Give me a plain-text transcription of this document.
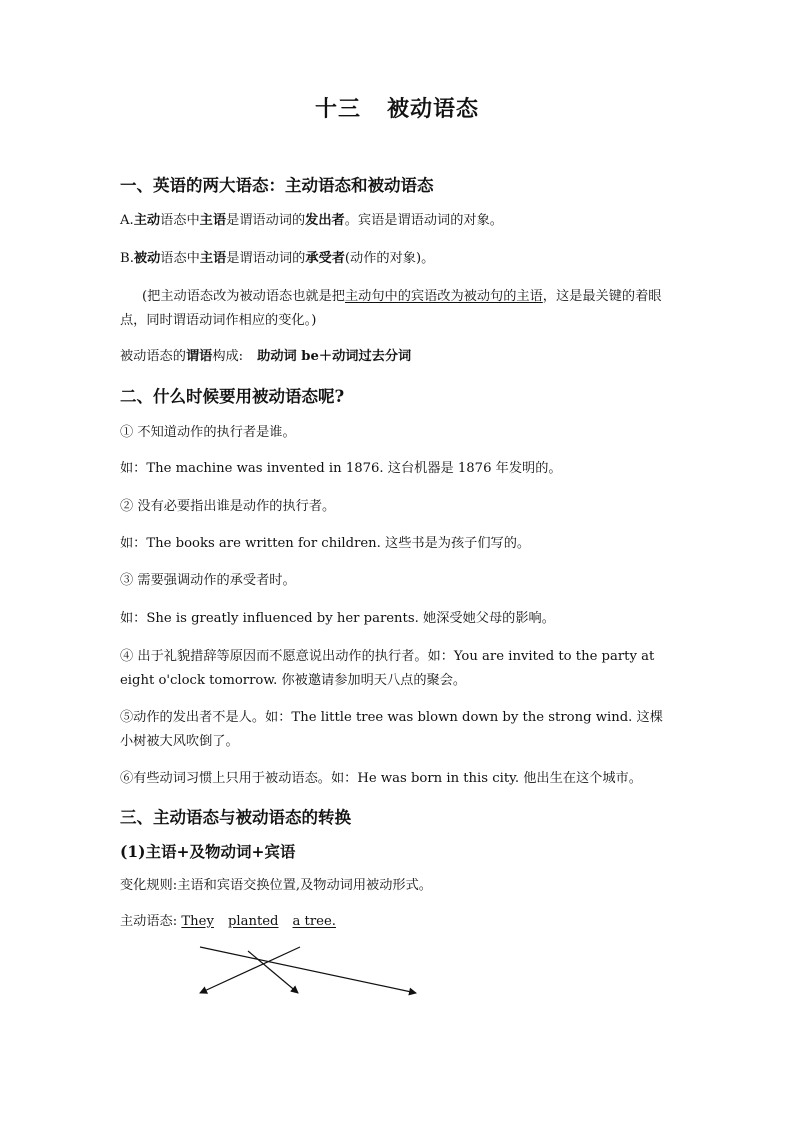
十三 被动语态
一、英语的两大语态：主动语态和被动语态
A.主动语态中主语是谓语动词的发出者。宾语是谓语动词的对象。
B.被动语态中主语是谓语动词的承受者(动作的对象)。
(把主动语态改为被动语态也就是把主动句中的宾语改为被动句的主语，这是最关键的着眼点，同时谓语动词作相应的变化。)
被动语态的谓语构成: 助动词 be＋动词过去分词
二、什么时候要用被动语态呢?
① 不知道动作的执行者是谁。
如：The machine was invented in 1876. 这台机器是 1876 年发明的。
② 没有必要指出谁是动作的执行者。
如：The books are written for children. 这些书是为孩子们写的。
③ 需要强调动作的承受者时。
如：She is greatly influenced by her parents. 她深受她父母的影响。
④ 出于礼貌措辞等原因而不愿意说出动作的执行者。如：You are invited to the party at eight o'clock tomorrow. 你被邀请参加明天八点的聚会。
⑤动作的发出者不是人。如：The little tree was blown down by the strong wind. 这棵小树被大风吹倒了。
⑥有些动词习惯上只用于被动语态。如：He was born in this city. 他出生在这个城市。
三、主动语态与被动语态的转换
(1)主语+及物动词+宾语
变化规则:主语和宾语交换位置,及物动词用被动形式。
主动语态: They planted a tree.
